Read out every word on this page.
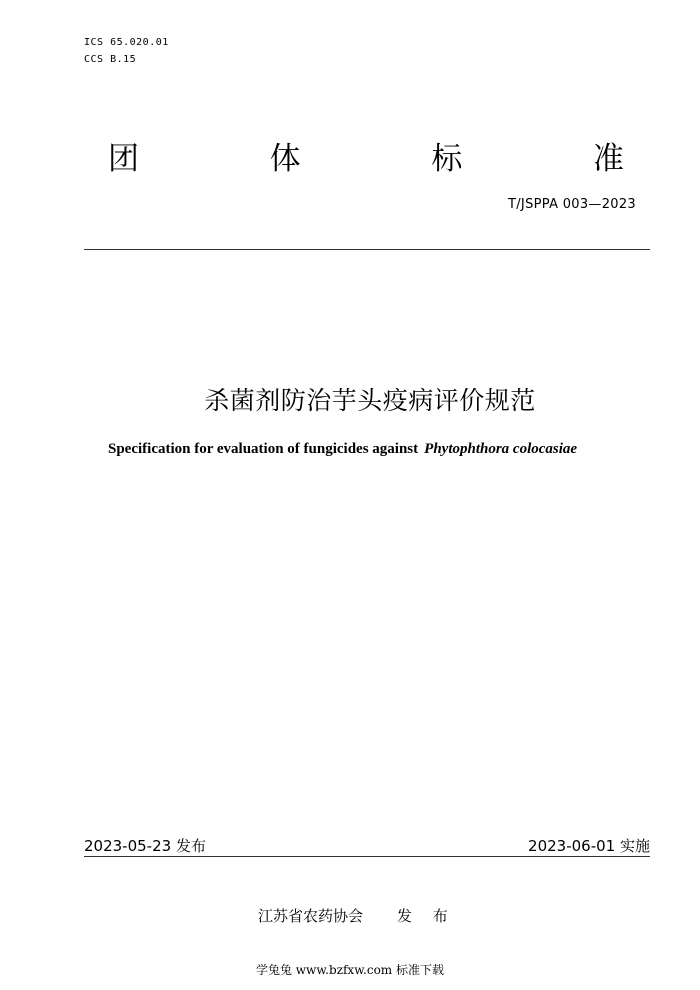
ICS 65.020.01
CCS B.15
团	体	标	准
T/JSPPA 003—2023
杀菌剂防治芋头疫病评价规范
Specification for evaluation of fungicides against Phytophthora colocasiae
2023-05-23 发布	2023-06-01 实施
江苏省农药协会 发 布
学兔兔 www.bzfxw.com 标准下载
